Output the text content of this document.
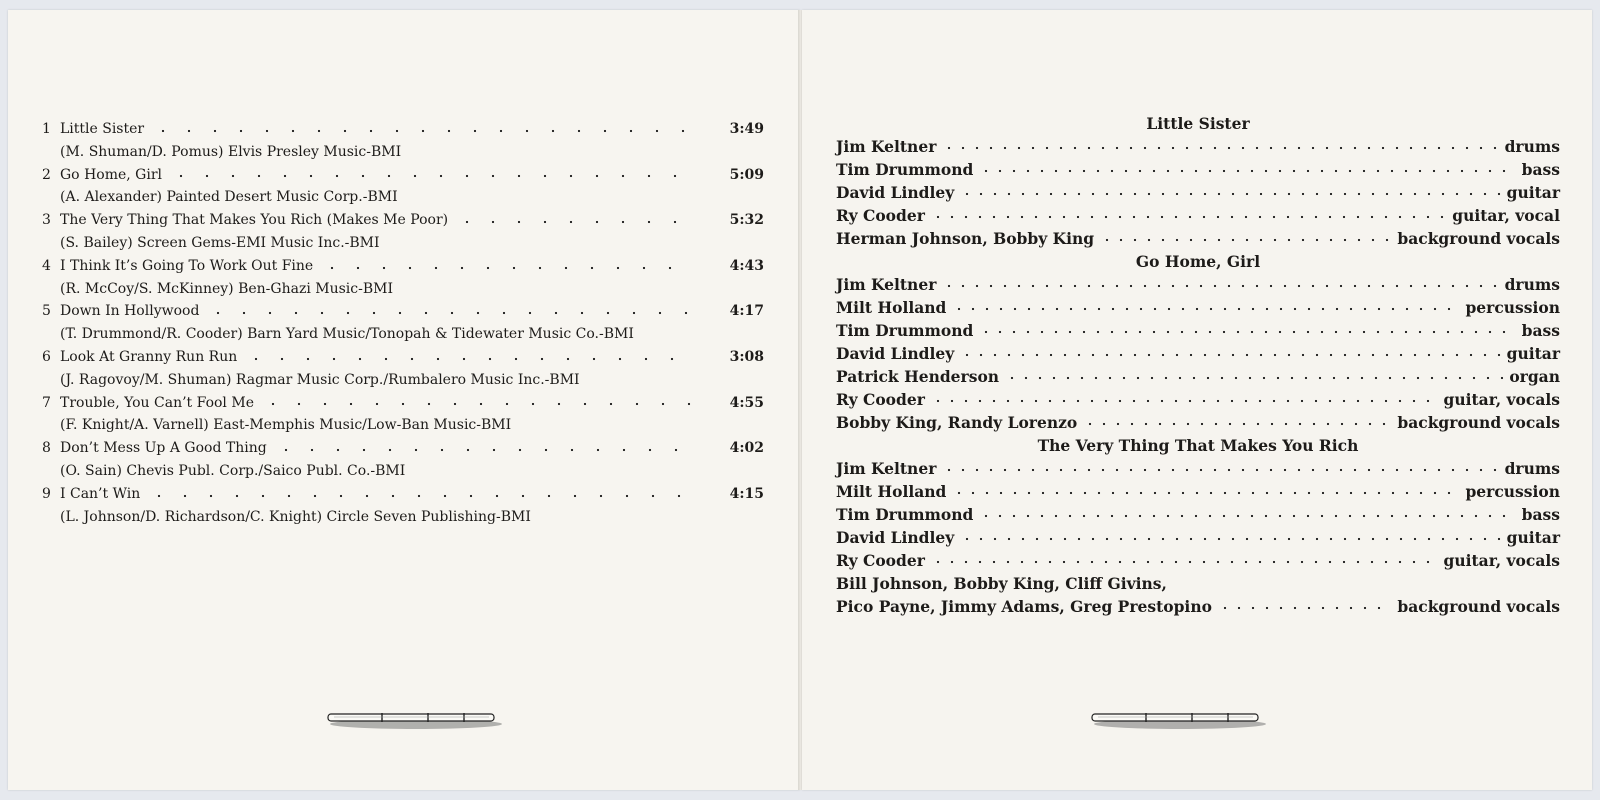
1 Little Sister	3:49
(M. Shuman/D. Pomus) Elvis Presley Music-BMI
2 Go Home, Girl	5:09
(A. Alexander) Painted Desert Music Corp.-BMI
3 The Very Thing That Makes You Rich (Makes Me Poor)	5:32
(S. Bailey) Screen Gems-EMI Music Inc.-BMI
4 I Think It’s Going To Work Out Fine	4:43
(R. McCoy/S. McKinney) Ben-Ghazi Music-BMI
5 Down In Hollywood	4:17
(T. Drummond/R. Cooder) Barn Yard Music/Tonopah & Tidewater Music Co.-BMI
6 Look At Granny Run Run	3:08
(J. Ragovoy/M. Shuman) Ragmar Music Corp./Rumbalero Music Inc.-BMI
7 Trouble, You Can’t Fool Me	4:55
(F. Knight/A. Varnell) East-Memphis Music/Low-Ban Music-BMI
8 Don’t Mess Up A Good Thing	4:02
(O. Sain) Chevis Publ. Corp./Saico Publ. Co.-BMI
9 I Can’t Win	4:15
(L. Johnson/D. Richardson/C. Knight) Circle Seven Publishing-BMI
Little Sister
Jim Keltner	drums
Tim Drummond	bass
David Lindley	guitar
Ry Cooder	guitar, vocal
Herman Johnson, Bobby King	background vocals
Go Home, Girl
Jim Keltner	drums
Milt Holland	percussion
Tim Drummond	bass
David Lindley	guitar
Patrick Henderson	organ
Ry Cooder	guitar, vocals
Bobby King, Randy Lorenzo	background vocals
The Very Thing That Makes You Rich
Jim Keltner	drums
Milt Holland	percussion
Tim Drummond	bass
David Lindley	guitar
Ry Cooder	guitar, vocals
Bill Johnson, Bobby King, Cliff Givins,
Pico Payne, Jimmy Adams, Greg Prestopino	background vocals
